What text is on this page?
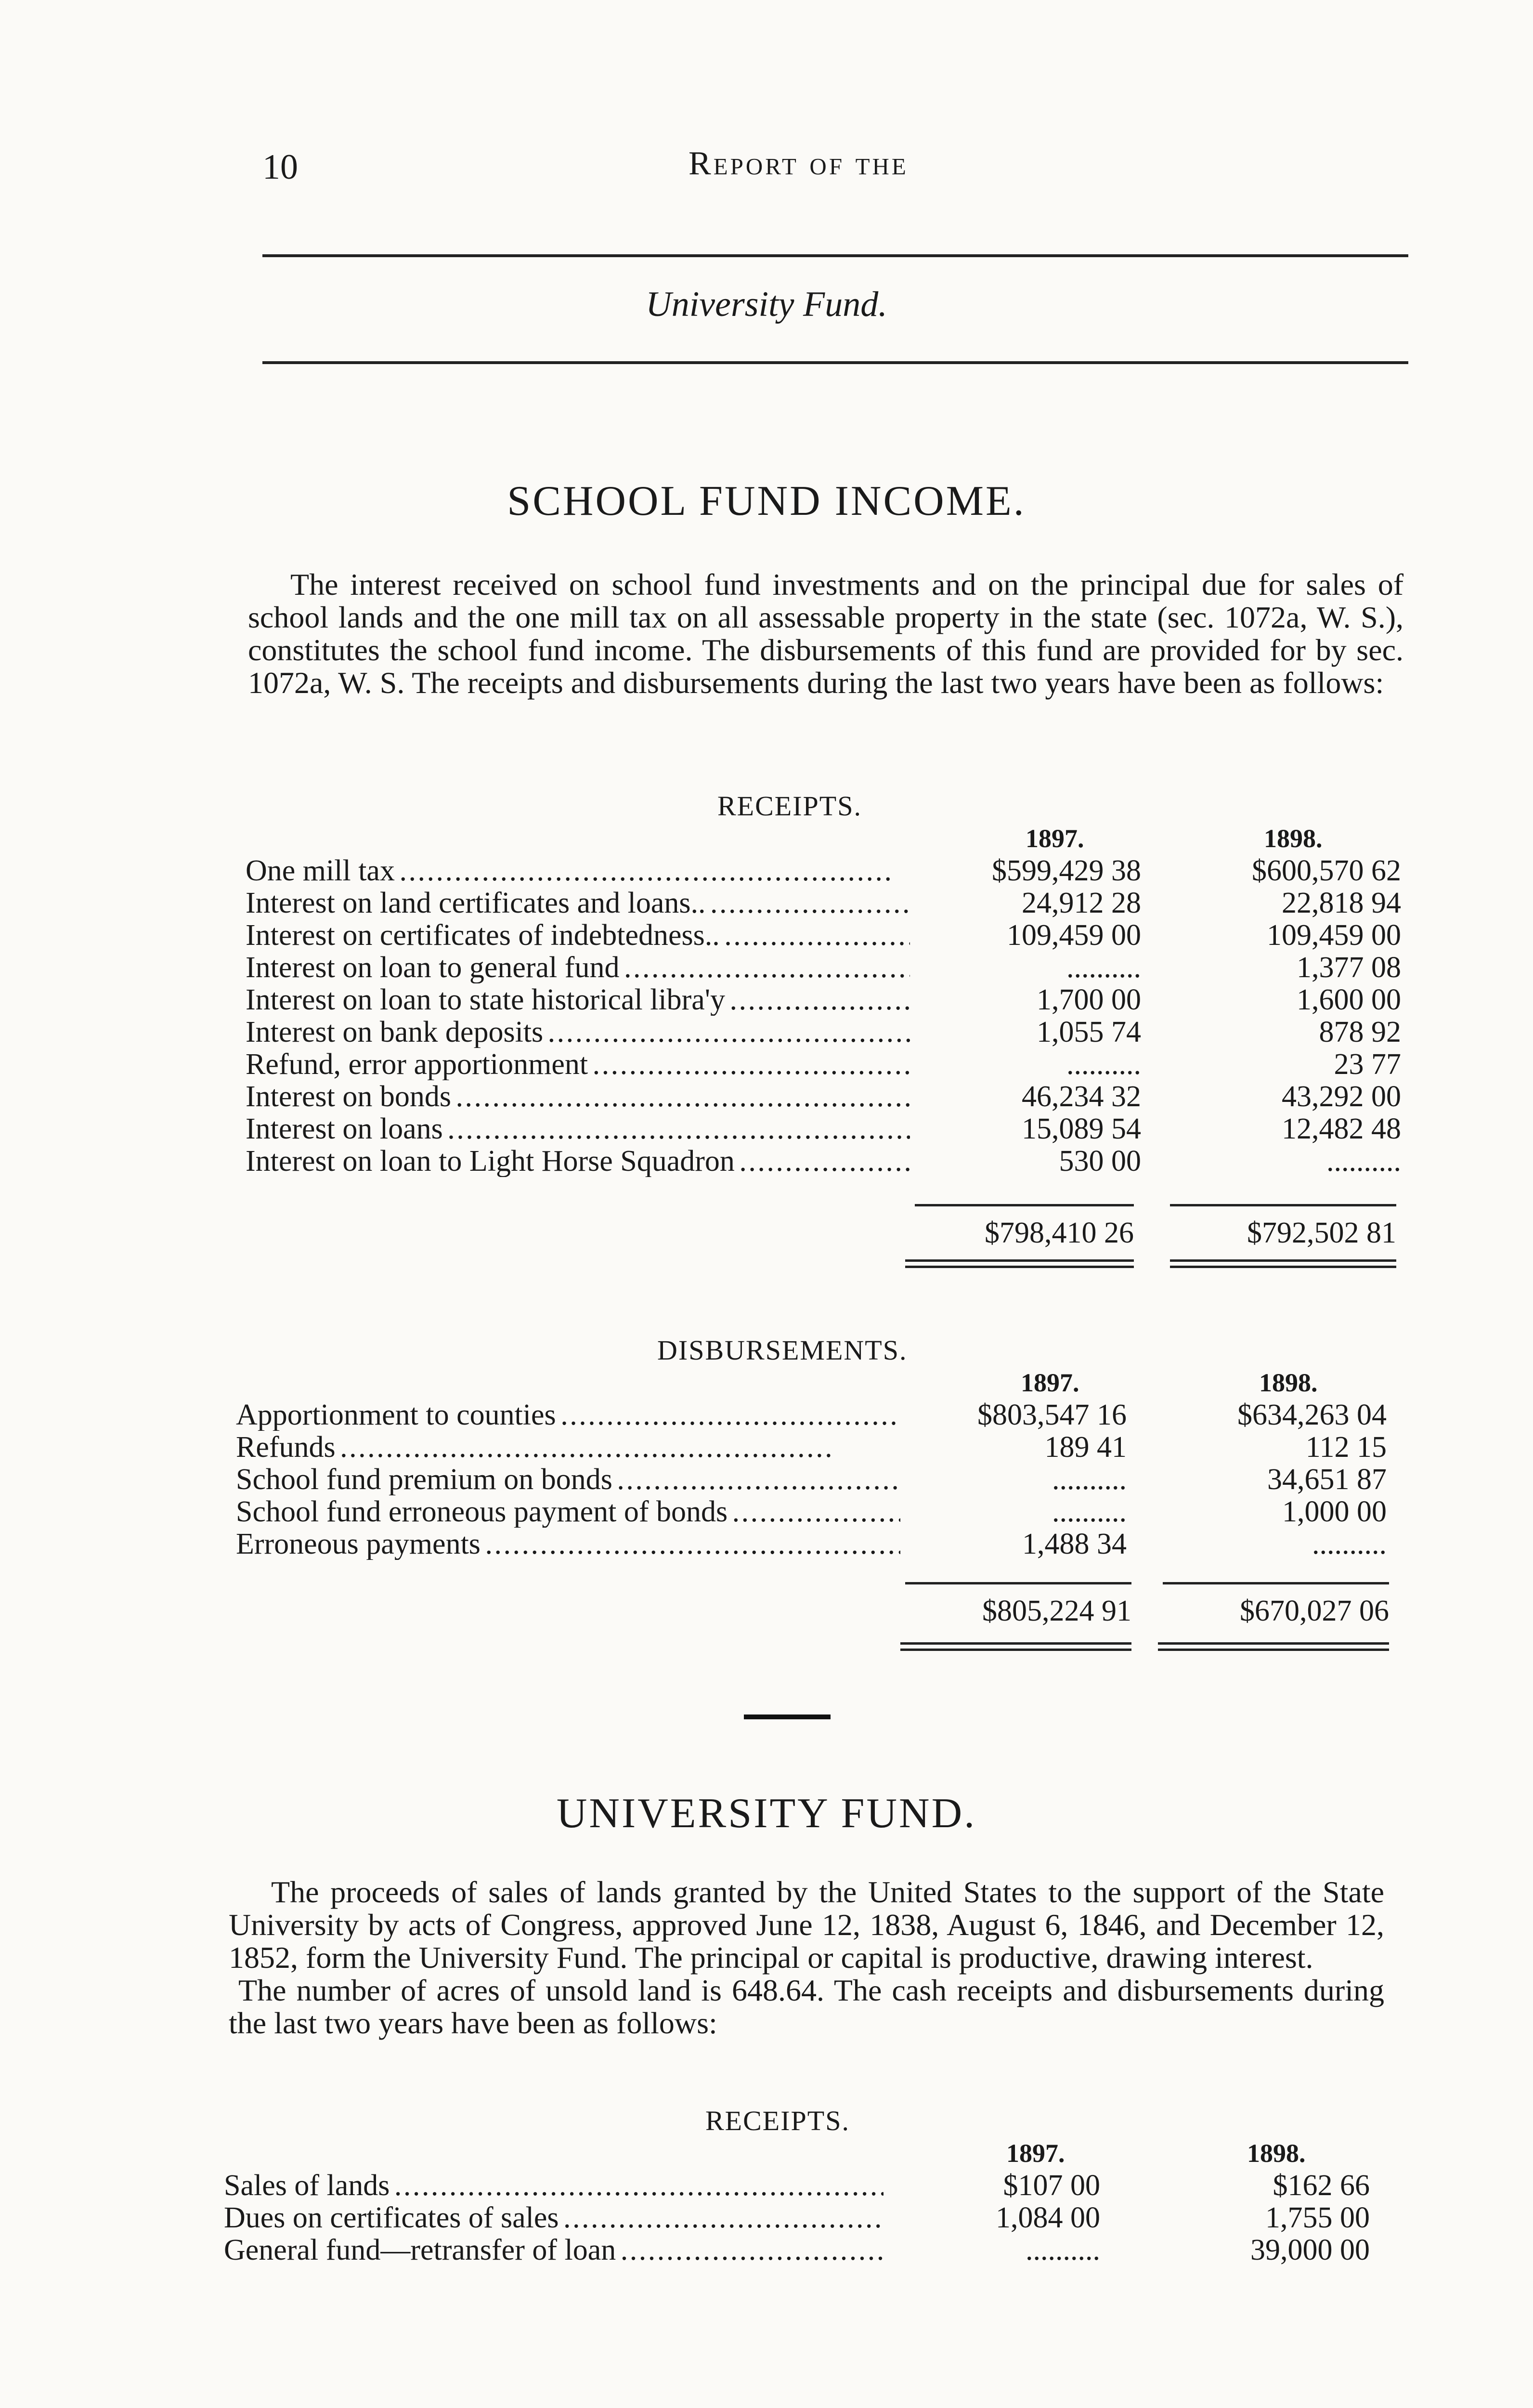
10	Report of the
University Fund.
SCHOOL FUND INCOME.

The interest received on school fund investments and on the principal due for sales of school lands and the one mill tax on all assessable property in the state (sec. 1072a, W. S.), constitutes the school fund income. The disbursements of this fund are provided for by sec. 1072a, W. S. The receipts and disbursements during the last two years have been as follows:

RECEIPTS.
1897.	1898.
One mill tax . . .	$599,429 38	$600,570 62
Interest on land certificates and loans.. . . .	24,912 28	22,818 94
Interest on certificates of indebtedness.. . . .	109,459 00	109,459 00
Interest on loan to general fund . . .	..........	1,377 08
Interest on loan to state historical libra'y . . .	1,700 00	1,600 00
Interest on bank deposits . . .	1,055 74	878 92
Refund, error apportionment . . .	..........	23 77
Interest on bonds . . .	46,234 32	43,292 00
Interest on loans . . .	15,089 54	12,482 48
Interest on loan to Light Horse Squadron . . .	530 00	..........
$798,410 26	$792,502 81
DISBURSEMENTS.
1897.	1898.
Apportionment to counties . . .	$803,547 16	$634,263 04
Refunds . . .	189 41	112 15
School fund premium on bonds . . .	..........	34,651 87
School fund erroneous payment of bonds . . .	..........	1,000 00
Erroneous payments . . .	1,488 34	..........
$805,224 91	$670,027 06
UNIVERSITY FUND.

The proceeds of sales of lands granted by the United States to the support of the State University by acts of Congress, approved June 12, 1838, August 6, 1846, and December 12, 1852, form the University Fund. The principal or capital is productive, drawing interest.

The number of acres of unsold land is 648.64. The cash receipts and disbursements during the last two years have been as follows:

RECEIPTS.
1897.	1898.
Sales of lands . . .	$107 00	$162 66
Dues on certificates of sales . . .	1,084 00	1,755 00
General fund—retransfer of loan . . .	..........	39,000 00
